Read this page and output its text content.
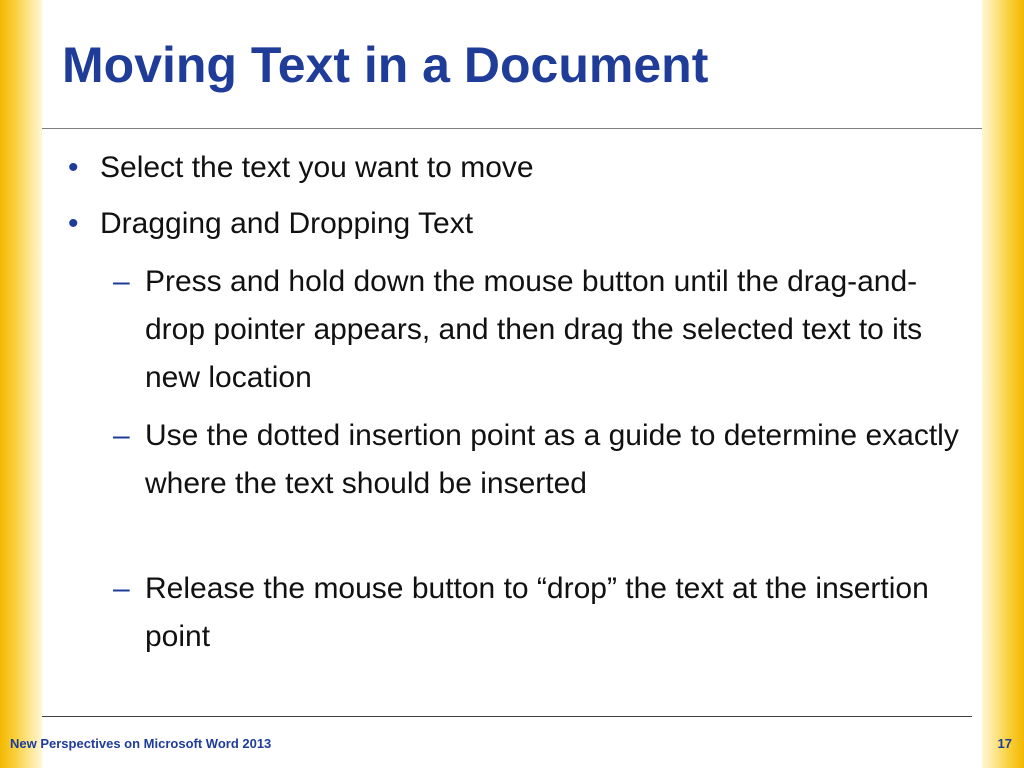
Moving Text in a Document
• Select the text you want to move
• Dragging and Dropping Text
– Press and hold down the mouse button until the drag-and-drop pointer appears, and then drag the selected text to its new location
– Use the dotted insertion point as a guide to determine exactly where the text should be inserted
– Release the mouse button to “drop” the text at the insertion point
New Perspectives on Microsoft Word 2013	17
